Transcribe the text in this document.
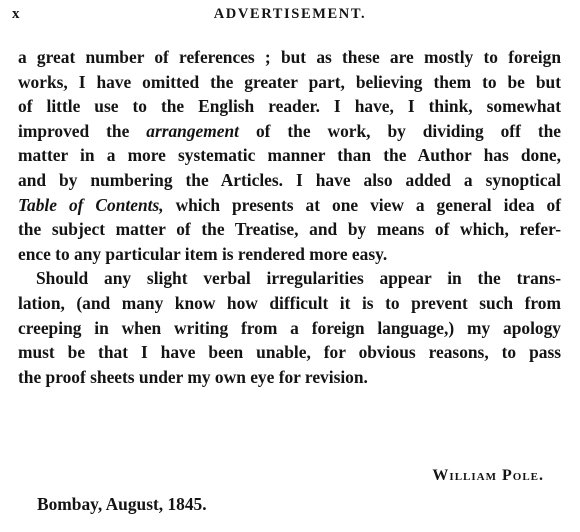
x	ADVERTISEMENT.
a great number of references ; but as these are mostly to foreign
works, I have omitted the greater part, believing them to be but
of little use to the English reader. I have, I think, somewhat
improved the arrangement of the work, by dividing off the
matter in a more systematic manner than the Author has done,
and by numbering the Articles. I have also added a synoptical
Table of Contents, which presents at one view a general idea of
the subject matter of the Treatise, and by means of which, refer-
ence to any particular item is rendered more easy.
Should any slight verbal irregularities appear in the trans-
lation, (and many know how difficult it is to prevent such from
creeping in when writing from a foreign language,) my apology
must be that I have been unable, for obvious reasons, to pass
the proof sheets under my own eye for revision.
William Pole.
Bombay, August, 1845.
